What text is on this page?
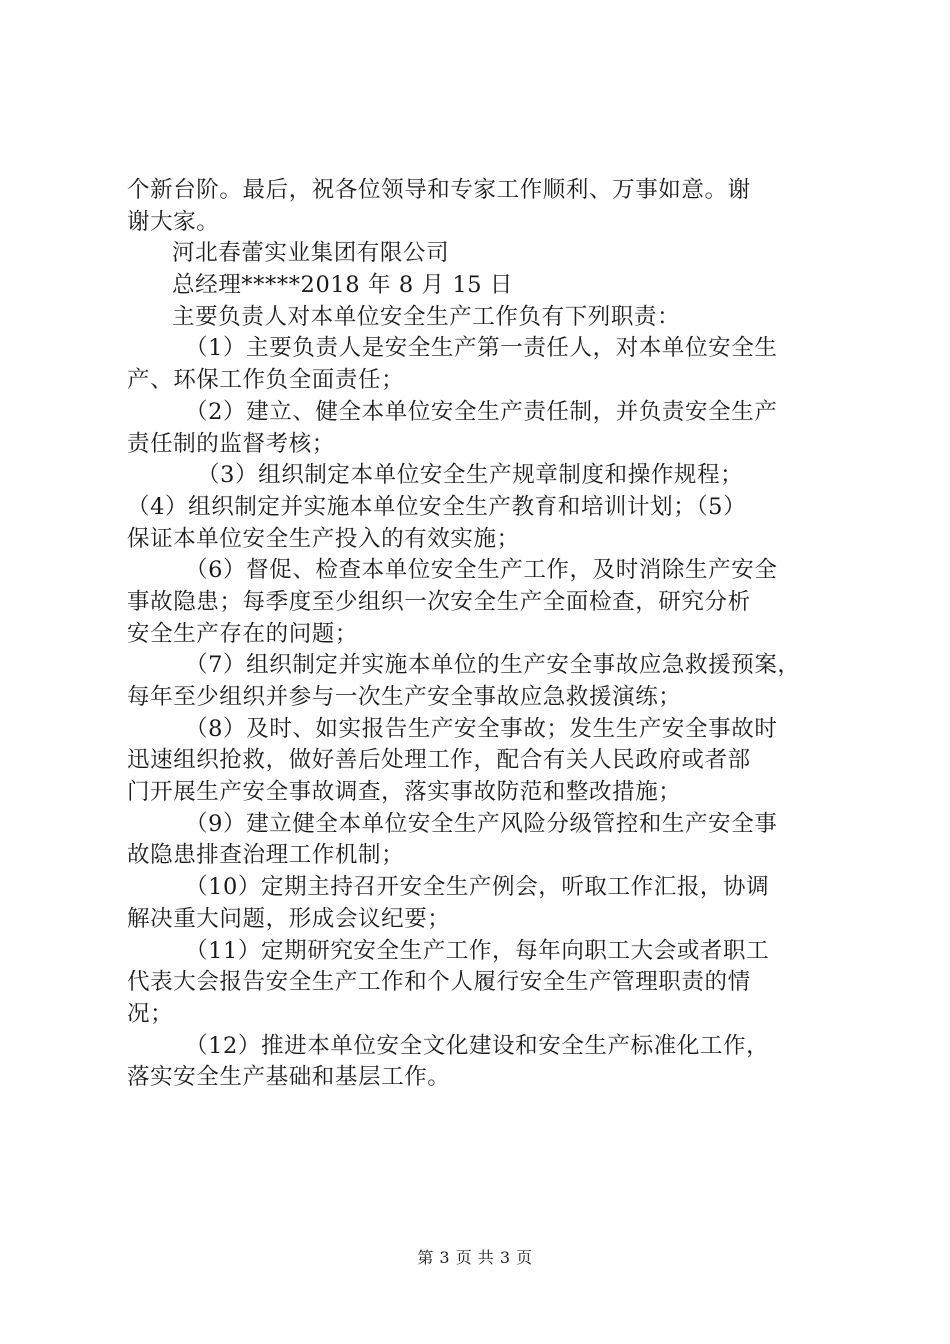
个新台阶。最后，祝各位领导和专家工作顺利、万事如意。谢
谢大家。
河北春蕾实业集团有限公司
总经理*****2018 年 8 月 15 日
主要负责人对本单位安全生产工作负有下列职责：
（1）主要负责人是安全生产第一责任人，对本单位安全生
产、环保工作负全面责任；
（2）建立、健全本单位安全生产责任制，并负责安全生产
责任制的监督考核；
（3）组织制定本单位安全生产规章制度和操作规程；
（4）组织制定并实施本单位安全生产教育和培训计划；（5）
保证本单位安全生产投入的有效实施；
（6）督促、检查本单位安全生产工作，及时消除生产安全
事故隐患；每季度至少组织一次安全生产全面检查，研究分析
安全生产存在的问题；
（7）组织制定并实施本单位的生产安全事故应急救援预案，
每年至少组织并参与一次生产安全事故应急救援演练；
（8）及时、如实报告生产安全事故；发生生产安全事故时
迅速组织抢救，做好善后处理工作，配合有关人民政府或者部
门开展生产安全事故调查，落实事故防范和整改措施；
（9）建立健全本单位安全生产风险分级管控和生产安全事
故隐患排查治理工作机制；
（10）定期主持召开安全生产例会，听取工作汇报，协调
解决重大问题，形成会议纪要；
（11）定期研究安全生产工作，每年向职工大会或者职工
代表大会报告安全生产工作和个人履行安全生产管理职责的情
况；
（12）推进本单位安全文化建设和安全生产标准化工作，
落实安全生产基础和基层工作。
第 3 页 共 3 页
